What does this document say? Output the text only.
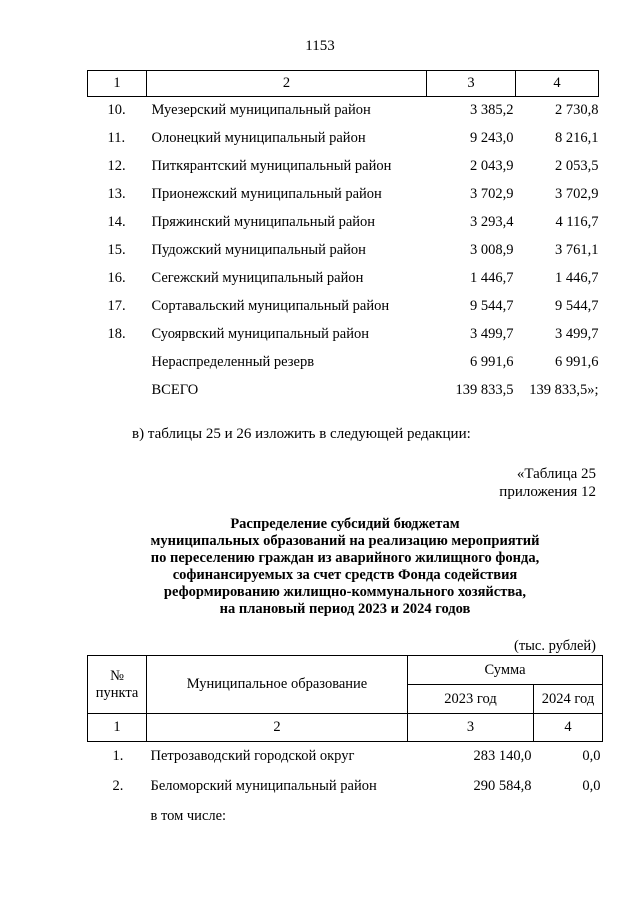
1153
1	2	3	4
10.	Муезерский муниципальный район	3 385,2	2 730,8
11.	Олонецкий муниципальный район	9 243,0	8 216,1
12.	Питкярантский муниципальный район	2 043,9	2 053,5
13.	Прионежский муниципальный район	3 702,9	3 702,9
14.	Пряжинский муниципальный район	3 293,4	4 116,7
15.	Пудожский муниципальный район	3 008,9	3 761,1
16.	Сегежский муниципальный район	1 446,7	1 446,7
17.	Сортавальский муниципальный район	9 544,7	9 544,7
18.	Суоярвский муниципальный район	3 499,7	3 499,7
	Нераспределенный резерв	6 991,6	6 991,6
	ВСЕГО	139 833,5	139 833,5»;
в) таблицы 25 и 26 изложить в следующей редакции:
«Таблица 25
приложения 12
Распределение субсидий бюджетам
муниципальных образований на реализацию мероприятий
по переселению граждан из аварийного жилищного фонда,
софинансируемых за счет средств Фонда содействия
реформированию жилищно-коммунального хозяйства,
на плановый период 2023 и 2024 годов
(тыс. рублей)
№
пункта	Муниципальное образование	Сумма	
		2023 год	2024 год
1	2	3	4
1.	Петрозаводский городской округ	283 140,0	0,0
2.	Беломорский муниципальный район	290 584,8	0,0
	в том числе:		
